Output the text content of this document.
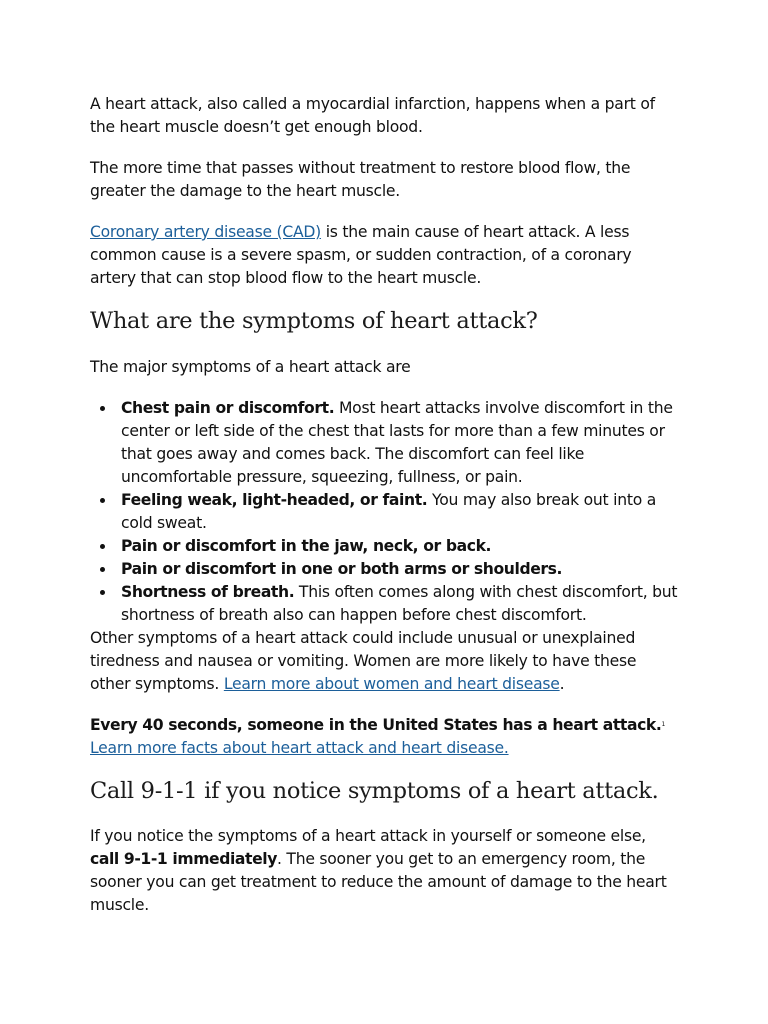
A heart attack, also called a myocardial infarction, happens when a part of the heart muscle doesn’t get enough blood.

The more time that passes without treatment to restore blood flow, the greater the damage to the heart muscle.

Coronary artery disease (CAD) is the main cause of heart attack. A less common cause is a severe spasm, or sudden contraction, of a coronary artery that can stop blood flow to the heart muscle.

What are the symptoms of heart attack?

The major symptoms of a heart attack are

Chest pain or discomfort. Most heart attacks involve discomfort in the center or left side of the chest that lasts for more than a few minutes or that goes away and comes back. The discomfort can feel like uncomfortable pressure, squeezing, fullness, or pain.
Feeling weak, light-headed, or faint. You may also break out into a cold sweat.
Pain or discomfort in the jaw, neck, or back.
Pain or discomfort in one or both arms or shoulders.
Shortness of breath. This often comes along with chest discomfort, but shortness of breath also can happen before chest discomfort.

Other symptoms of a heart attack could include unusual or unexplained tiredness and nausea or vomiting. Women are more likely to have these other symptoms. Learn more about women and heart disease.

Every 40 seconds, someone in the United States has a heart attack.$^1$ Learn more facts about heart attack and heart disease.

Call 9-1-1 if you notice symptoms of a heart attack.

If you notice the symptoms of a heart attack in yourself or someone else, call 9-1-1 immediately. The sooner you get to an emergency room, the sooner you can get treatment to reduce the amount of damage to the heart muscle.
